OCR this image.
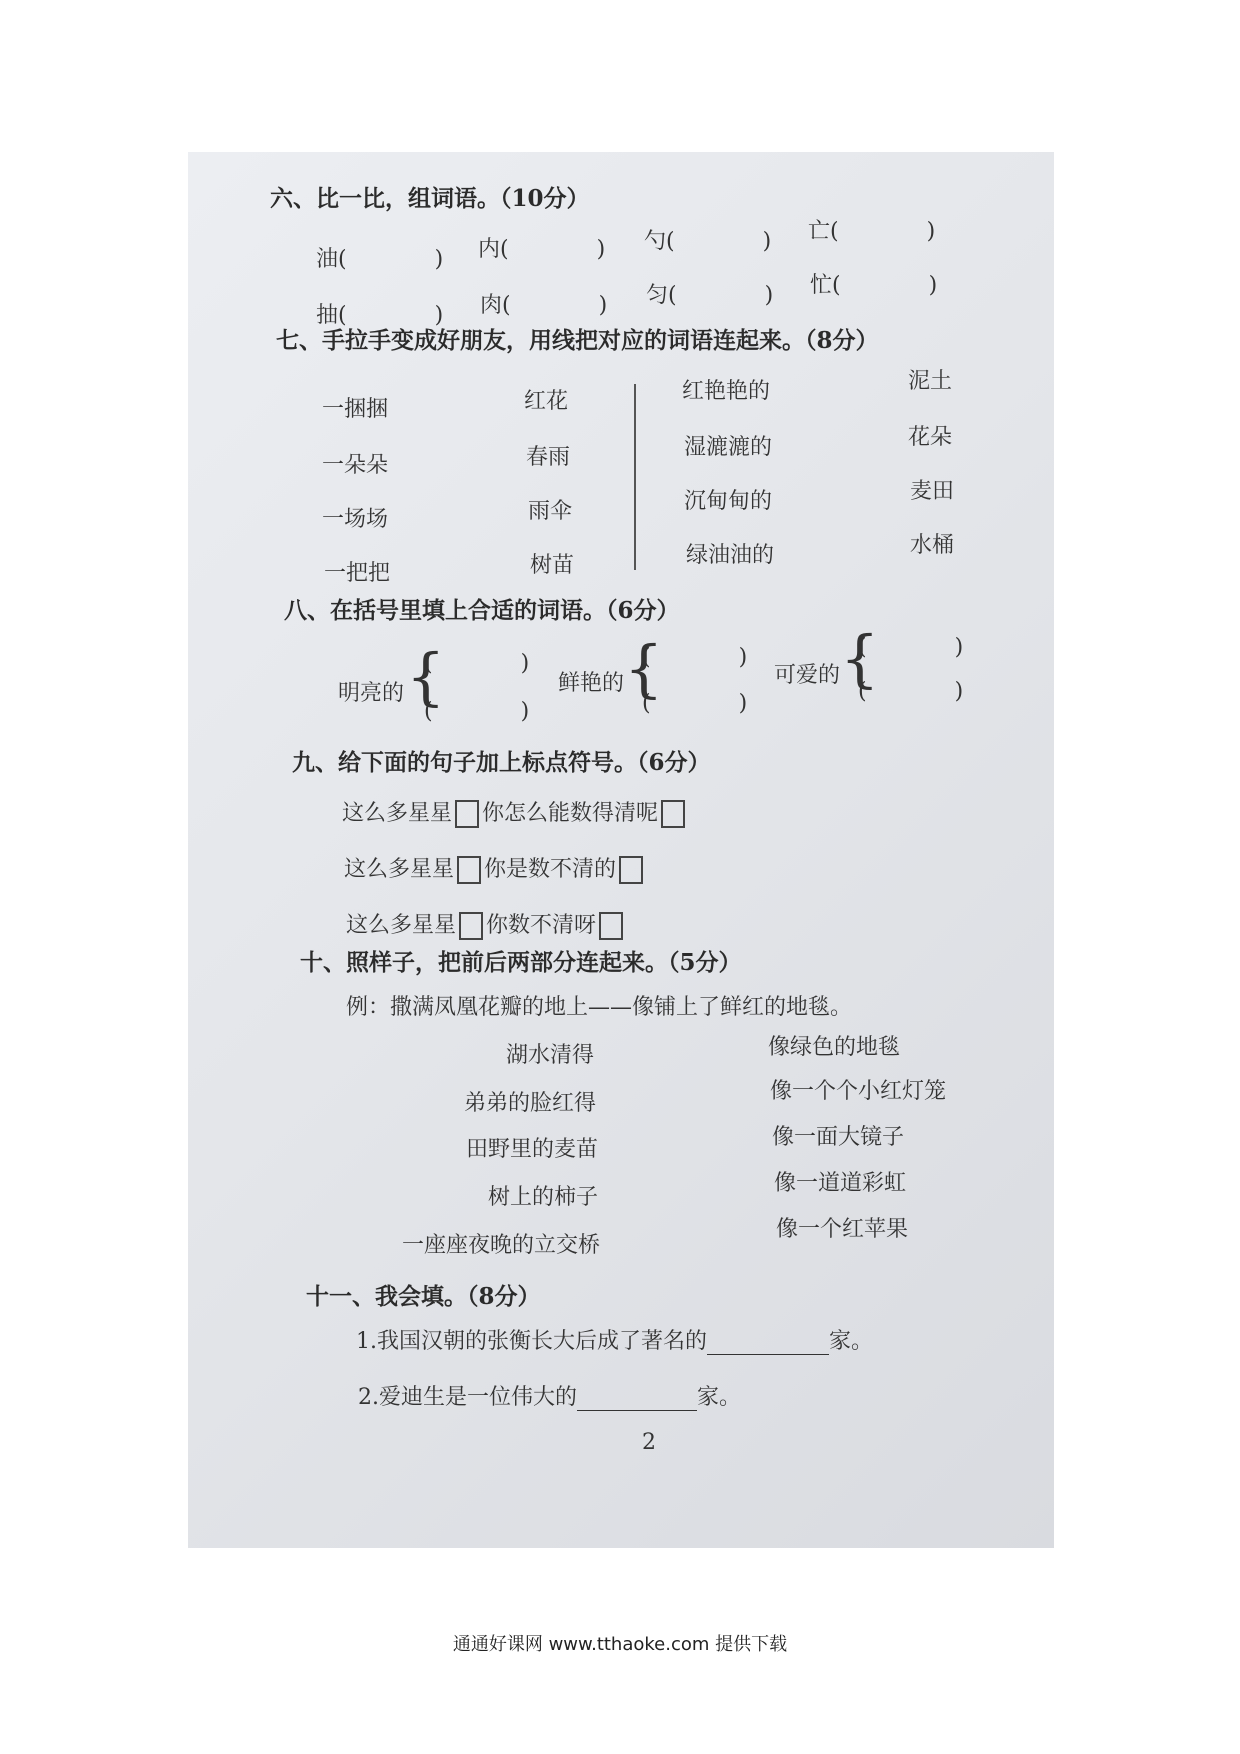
六、比一比，组词语。（10分）
油(　　　　) 内(　　　　) 勺(　　　　) 亡(　　　　)
抽(　　　　) 肉(　　　　) 匀(　　　　) 忙(　　　　)
七、手拉手变成好朋友，用线把对应的词语连起来。（8分）
一捆捆
一朵朵
一场场
一把把
红花
春雨
雨伞
树苗
红艳艳的
湿漉漉的
沉甸甸的
绿油油的
泥土
花朵
麦田
水桶
八、在括号里填上合适的词语。（6分）
明亮的 {
(　　　　)
(　　　　)
鲜艳的 {
(　　　　)
(　　　　)
可爱的 {
(　　　　)
(　　　　)
九、给下面的句子加上标点符号。（6分）
这么多星星 你怎么能数得清呢
这么多星星 你是数不清的
这么多星星 你数不清呀
十、照样子，把前后两部分连起来。（5分）
例：撒满凤凰花瓣的地上——像铺上了鲜红的地毯。
湖水清得
弟弟的脸红得
田野里的麦苗
树上的柿子
一座座夜晚的立交桥
像绿色的地毯
像一个个小红灯笼
像一面大镜子
像一道道彩虹
像一个红苹果
十一、我会填。（8分）
1.我国汉朝的张衡长大后成了著名的	家。
2.爱迪生是一位伟大的	家。
2
通通好课网 www.tthaoke.com 提供下载
